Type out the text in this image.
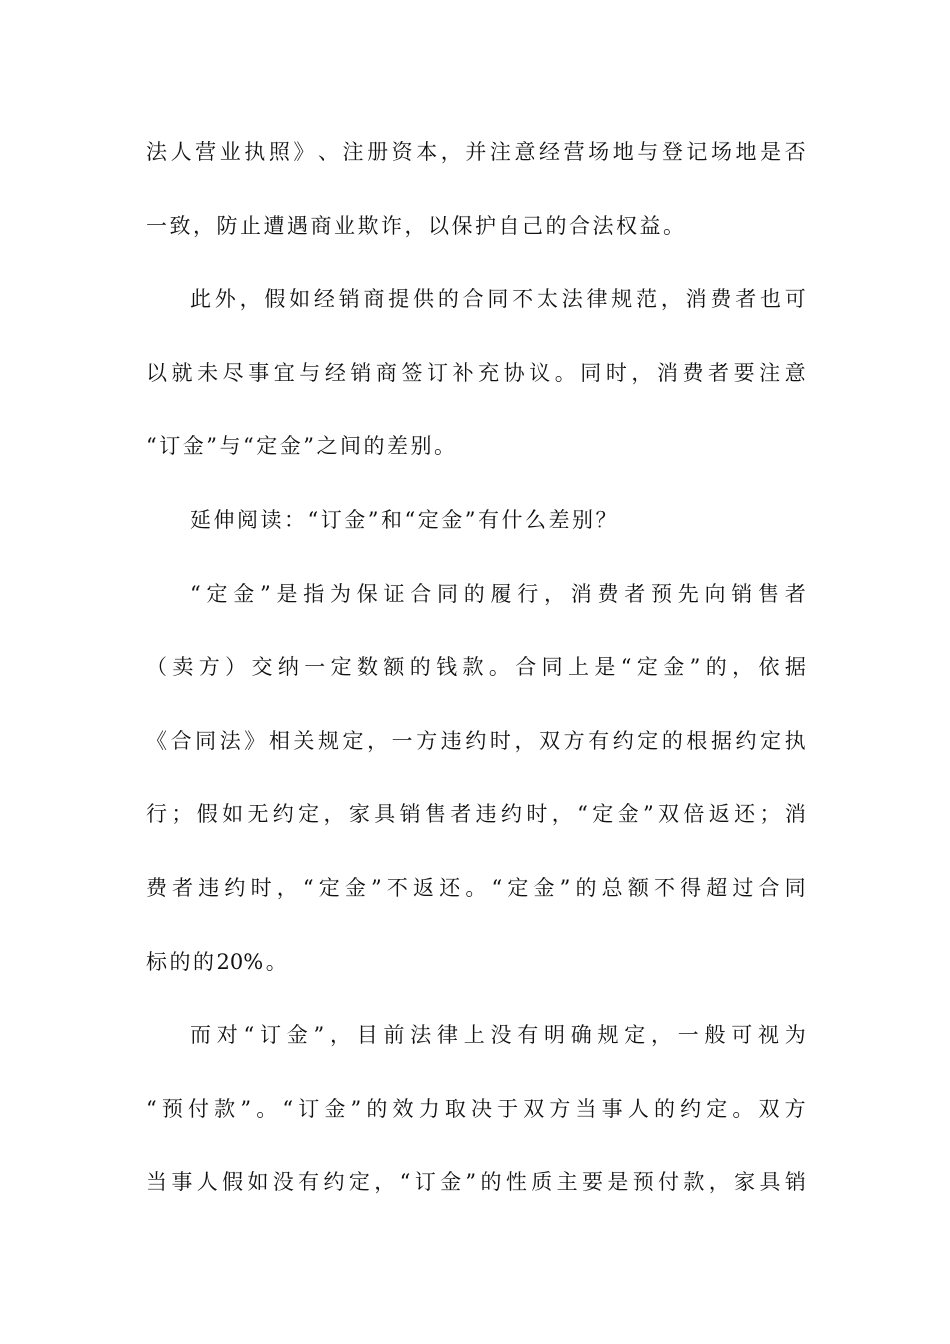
法 人 营 业 执 照 》 、 注 册 资 本 ， 并 注 意 经 营 场 地 与 登 记 场 地 是 否
一 致 ， 防 止 遭 遇 商 业 欺 诈 ， 以 保 护 自 己 的 合 法 权 益 。
此 外 ， 假 如 经 销 商 提 供 的 合 同 不 太 法 律 规 范 ， 消 费 者 也 可
以 就 未 尽 事 宜 与 经 销 商 签 订 补 充 协 议 。 同 时 ， 消 费 者 要 注 意
“ 订 金 ” 与 “ 定 金 ” 之 间 的 差 别 。
延 伸 阅 读 ： “ 订 金 ” 和 “ 定 金 ” 有 什 么 差 别 ？
“ 定 金 ” 是 指 为 保 证 合 同 的 履 行 ， 消 费 者 预 先 向 销 售 者
（ 卖 方 ） 交 纳 一 定 数 额 的 钱 款 。 合 同 上 是 “ 定 金 ” 的 ， 依 据
《 合 同 法 》 相 关 规 定 ， 一 方 违 约 时 ， 双 方 有 约 定 的 根 据 约 定 执
行 ； 假 如 无 约 定 ， 家 具 销 售 者 违 约 时 ， “ 定 金 ” 双 倍 返 还 ； 消
费 者 违 约 时 ， “ 定 金 ” 不 返 还 。 “ 定 金 ” 的 总 额 不 得 超 过 合 同
标 的 的 20% 。
而 对 “ 订 金 ” ， 目 前 法 律 上 没 有 明 确 规 定 ， 一 般 可 视 为
“ 预 付 款 ” 。 “ 订 金 ” 的 效 力 取 决 于 双 方 当 事 人 的 约 定 。 双 方
当 事 人 假 如 没 有 约 定 ， “ 订 金 ” 的 性 质 主 要 是 预 付 款 ， 家 具 销
